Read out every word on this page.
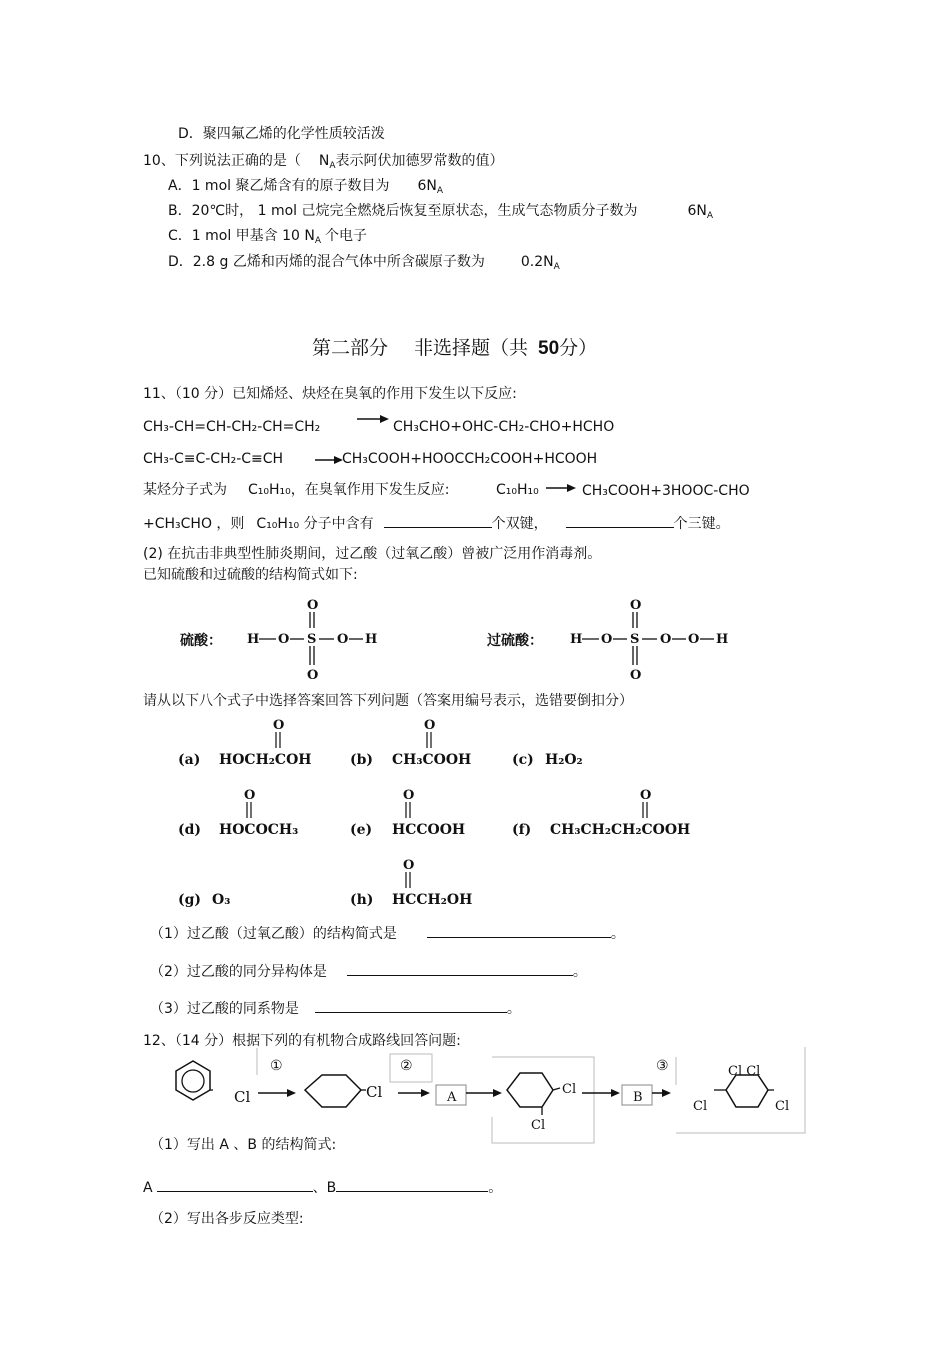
D．聚四氟乙烯的化学性质较活泼
10、下列说法正确的是（ $N_A$表示阿伏加德罗常数的值）
A．1 mol 聚乙烯含有的原子数目为 $6N_A$
B．20℃时， 1 mol 己烷完全燃烧后恢复至原状态，生成气态物质分子数为	$6N_A$
C．1 mol 甲基含 10 $N_A$ 个电子
D．2.8 g 乙烯和丙烯的混合气体中所含碳原子数为	$0.2N_A$
第二部分 非选择题（共 50分）
11、（10 分）已知烯烃、炔烃在臭氧的作用下发生以下反应:
CH₃-CH=CH-CH₂-CH=CH₂	CH₃CHO+OHC-CH₂-CHO+HCHO
CH₃-C≡C-CH₂-C≡CH	CH₃COOH+HOOCCH₂COOH+HCOOH
某烃分子式为 C₁₀H₁₀，在臭氧作用下发生反应:	C₁₀H₁₀	CH₃COOH+3HOOC-CHO
+CH₃CHO ，则 C₁₀H₁₀ 分子中含有	个双键，	个三键。
(2) 在抗击非典型性肺炎期间，过乙酸（过氧乙酸）曾被广泛用作消毒剂。
已知硫酸和过硫酸的结构简式如下:
硫酸： H O S
O
O
O H	过硫酸： H O S
O
O
O O H
请从以下八个式子中选择答案回答下列问题（答案用编号表示，选错要倒扣分）
(a) HOCH₂COH
O
(b) CH₃COOH
O
(c) H₂O₂
(d) HOCOCH₃
O
(e) HCCOOH
O
(f) CH₃CH₂CH₂COOH
O
(g) O₃	(h) HCCH₂OH
O
（1）过乙酸（过氧乙酸）的结构简式是	。
（2）过乙酸的同分异构体是	。
（3）过乙酸的同系物是	。
12、（14 分）根据下列的有机物合成路线回答问题:
Cl
①
Cl
②
A
Cl
Cl
B
③	Cl Cl
Cl	Cl
（1）写出 A 、B 的结构简式:
A	、B	。
（2）写出各步反应类型:
